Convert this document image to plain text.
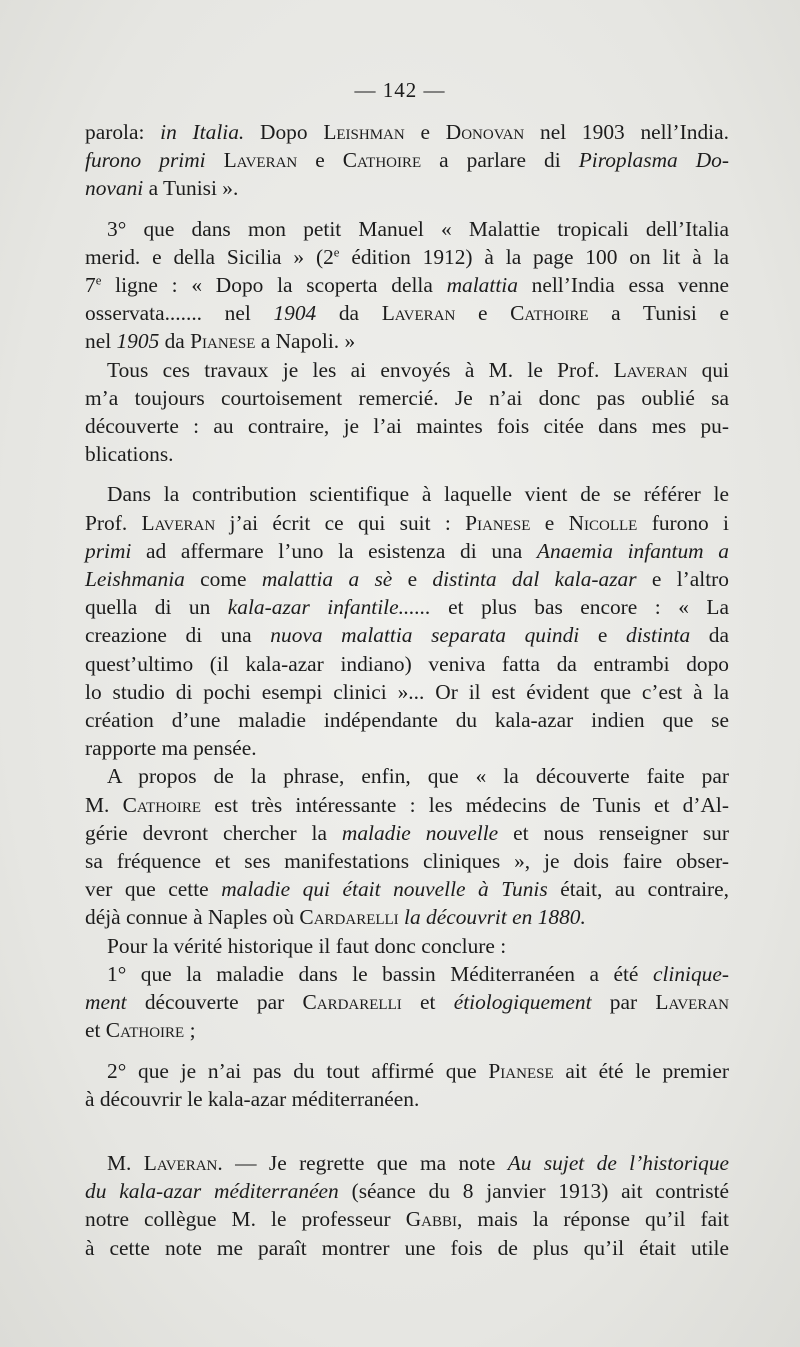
— 142 —
parola: in Italia. Dopo Leishman e Donovan nel 1903 nell’India.
furono primi Laveran e Cathoire a parlare di Piroplasma Do-
novani a Tunisi ».
3° que dans mon petit Manuel « Malattie tropicali dell’Italia
merid. e della Sicilia » (2e édition 1912) à la page 100 on lit à la
7e ligne : « Dopo la scoperta della malattia nell’India essa venne
osservata....... nel 1904 da Laveran e Cathoire a Tunisi e
nel 1905 da Pianese a Napoli. »
Tous ces travaux je les ai envoyés à M. le Prof. Laveran qui
m’a toujours courtoisement remercié. Je n’ai donc pas oublié sa
découverte : au contraire, je l’ai maintes fois citée dans mes pu-
blications.
Dans la contribution scientifique à laquelle vient de se référer le
Prof. Laveran j’ai écrit ce qui suit : Pianese e Nicolle furono i
primi ad affermare l’uno la esistenza di una Anaemia infantum a
Leishmania come malattia a sè e distinta dal kala-azar e l’altro
quella di un kala-azar infantile...... et plus bas encore : « La
creazione di una nuova malattia separata quindi e distinta da
quest’ultimo (il kala-azar indiano) veniva fatta da entrambi dopo
lo studio di pochi esempi clinici »... Or il est évident que c’est à la
création d’une maladie indépendante du kala-azar indien que se
rapporte ma pensée.
A propos de la phrase, enfin, que « la découverte faite par
M. Cathoire est très intéressante : les médecins de Tunis et d’Al-
gérie devront chercher la maladie nouvelle et nous renseigner sur
sa fréquence et ses manifestations cliniques », je dois faire obser-
ver que cette maladie qui était nouvelle à Tunis était, au contraire,
déjà connue à Naples où Cardarelli la découvrit en 1880.
Pour la vérité historique il faut donc conclure :
1° que la maladie dans le bassin Méditerranéen a été clinique-
ment découverte par Cardarelli et étiologiquement par Laveran
et Cathoire ;
2° que je n’ai pas du tout affirmé que Pianese ait été le premier
à découvrir le kala-azar méditerranéen.
M. Laveran. — Je regrette que ma note Au sujet de l’historique
du kala-azar méditerranéen (séance du 8 janvier 1913) ait contristé
notre collègue M. le professeur Gabbi, mais la réponse qu’il fait
à cette note me paraît montrer une fois de plus qu’il était utile
